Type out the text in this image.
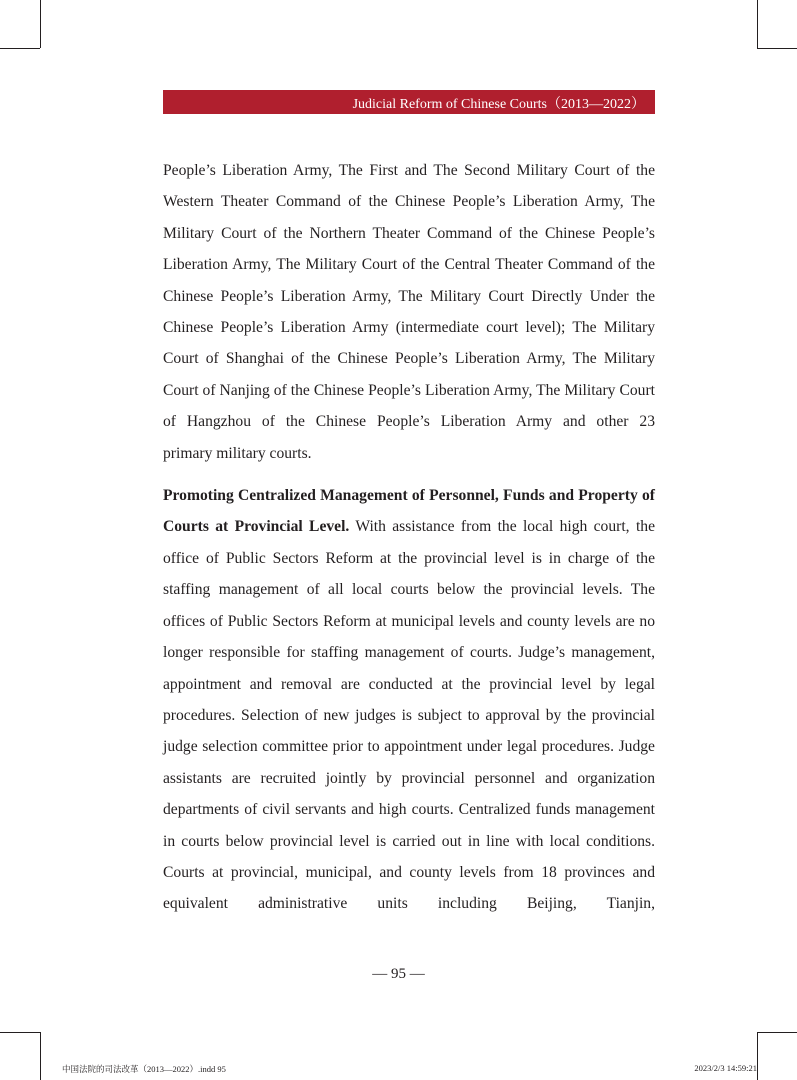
Judicial Reform of Chinese Courts（2013—2022）

People’s Liberation Army, The First and The Second Military Court of the Western Theater Command of the Chinese People’s Liberation Army, The Military Court of the Northern Theater Command of the Chinese People’s Liberation Army, The Military Court of the Central Theater Command of the Chinese People’s Liberation Army, The Military Court Directly Under the Chinese People’s Liberation Army (intermediate court level); The Military Court of Shanghai of the Chinese People’s Liberation Army, The Military Court of Nanjing of the Chinese People’s Liberation Army, The Military Court of Hangzhou of the Chinese People’s Liberation Army and other 23
primary military courts.

Promoting Centralized Management of Personnel, Funds and Property of Courts at Provincial Level. With assistance from the local high court, the office of Public Sectors Reform at the provincial level is in charge of the staffing management of all local courts below the provincial levels. The offices of Public Sectors Reform at municipal levels and county levels are no longer responsible for staffing management of courts. Judge’s management, appointment and removal are conducted at the provincial level by legal procedures. Selection of new judges is subject to approval by the provincial judge selection committee prior to appointment under legal procedures. Judge assistants are recruited jointly by provincial personnel and organization departments of civil servants and high courts. Centralized funds management in courts below provincial level is carried out in line with local conditions. Courts at provincial, municipal, and county levels from 18 provinces and equivalent administrative units including Beijing, Tianjin,

— 95 —
中国法院的司法改革（2013—2022）.indd 95	2023/2/3 14:59:21
